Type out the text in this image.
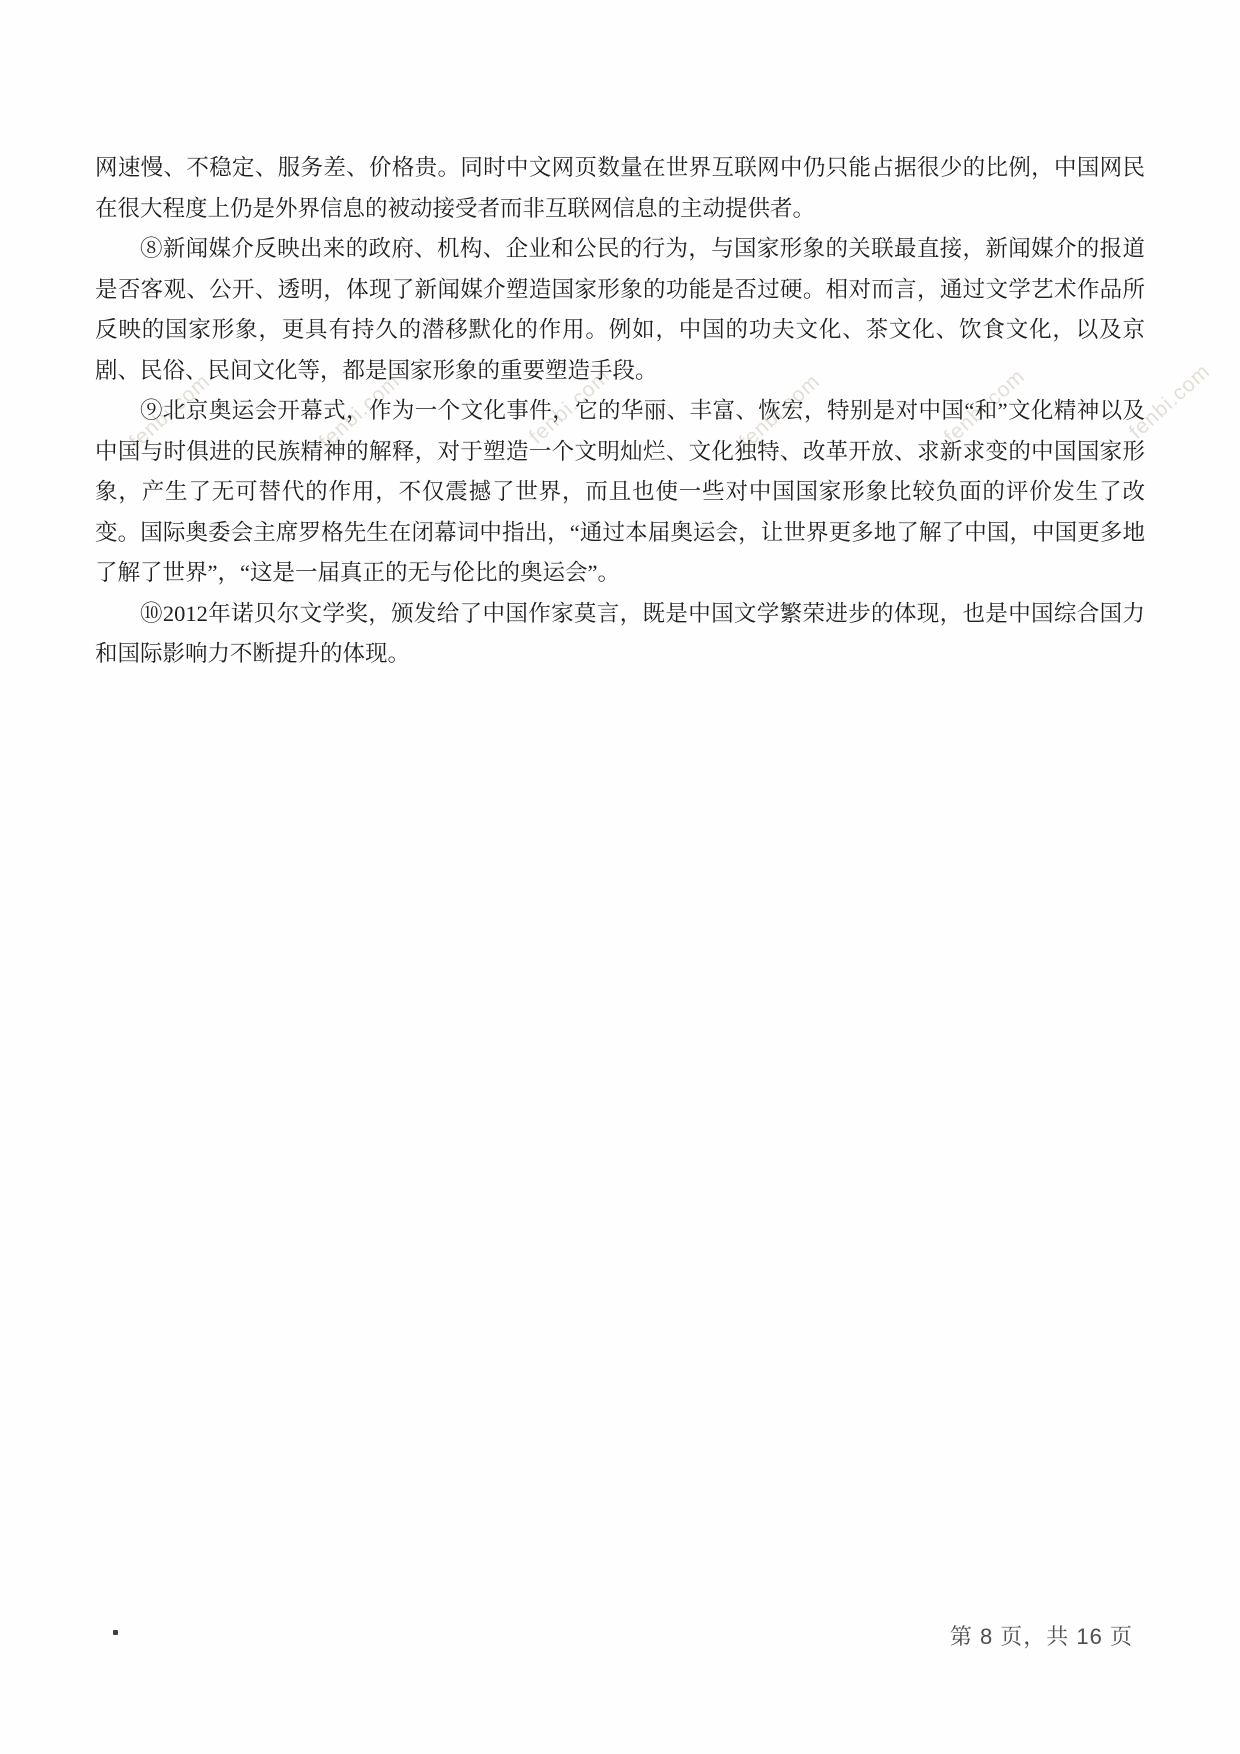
fenbi.com	fenbi.com	fenbi.com	fenbi.com	fenbi.com	fenbi.com

网速慢、不稳定、服务差、价格贵。同时中文网页数量在世界互联网中仍只能占据很少的比例，中国网民在很大程度上仍是外界信息的被动接受者而非互联网信息的主动提供者。

⑧新闻媒介反映出来的政府、机构、企业和公民的行为，与国家形象的关联最直接，新闻媒介的报道是否客观、公开、透明，体现了新闻媒介塑造国家形象的功能是否过硬。相对而言，通过文学艺术作品所反映的国家形象，更具有持久的潜移默化的作用。例如，中国的功夫文化、茶文化、饮食文化，以及京剧、民俗、民间文化等，都是国家形象的重要塑造手段。

⑨北京奥运会开幕式，作为一个文化事件，它的华丽、丰富、恢宏，特别是对中国“和”文化精神以及中国与时俱进的民族精神的解释，对于塑造一个文明灿烂、文化独特、改革开放、求新求变的中国国家形象，产生了无可替代的作用，不仅震撼了世界，而且也使一些对中国国家形象比较负面的评价发生了改变。国际奥委会主席罗格先生在闭幕词中指出，“通过本届奥运会，让世界更多地了解了中国，中国更多地了解了世界”，“这是一届真正的无与伦比的奥运会”。

⑩2012年诺贝尔文学奖，颁发给了中国作家莫言，既是中国文学繁荣进步的体现，也是中国综合国力和国际影响力不断提升的体现。

第 8 页，共 16 页
